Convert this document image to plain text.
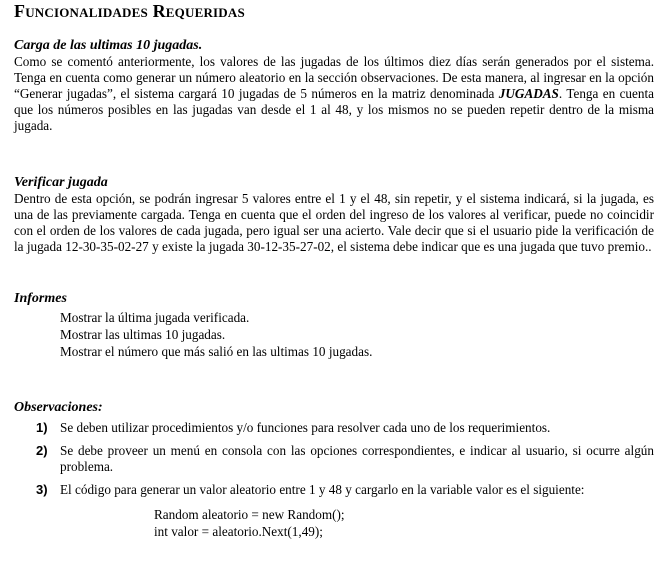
Funcionalidades Requeridas
Carga de las ultimas 10 jugadas.

Como se comentó anteriormente, los valores de las jugadas de los últimos diez días serán generados por el sistema. Tenga en cuenta como generar un número aleatorio en la sección observaciones. De esta manera, al ingresar en la opción “Generar jugadas”, el sistema cargará 10 jugadas de 5 números en la matriz denominada JUGADAS. Tenga en cuenta que los números posibles en las jugadas van desde el 1 al 48, y los mismos no se pueden repetir dentro de la misma jugada.

Verificar jugada

Dentro de esta opción, se podrán ingresar 5 valores entre el 1 y el 48, sin repetir, y el sistema indicará, si la jugada, es una de las previamente cargada. Tenga en cuenta que el orden del ingreso de los valores al verificar, puede no coincidir con el orden de los valores de cada jugada, pero igual ser una acierto. Vale decir que si el usuario pide la verificación de la jugada 12-30-35-02-27 y existe la jugada 30-12-35-27-02, el sistema debe indicar que es una jugada que tuvo premio..

Informes
Mostrar la última jugada verificada.
Mostrar las ultimas 10 jugadas.
Mostrar el número que más salió en las ultimas 10 jugadas.
Observaciones:
1) Se deben utilizar procedimientos y/o funciones para resolver cada uno de los requerimientos.
2) Se debe proveer un menú en consola con las opciones correspondientes, e indicar al usuario, si ocurre algún problema.
3) El código para generar un valor aleatorio entre 1 y 48 y cargarlo en la variable valor es el siguiente:
Random aleatorio = new Random();
int valor = aleatorio.Next(1,49);
